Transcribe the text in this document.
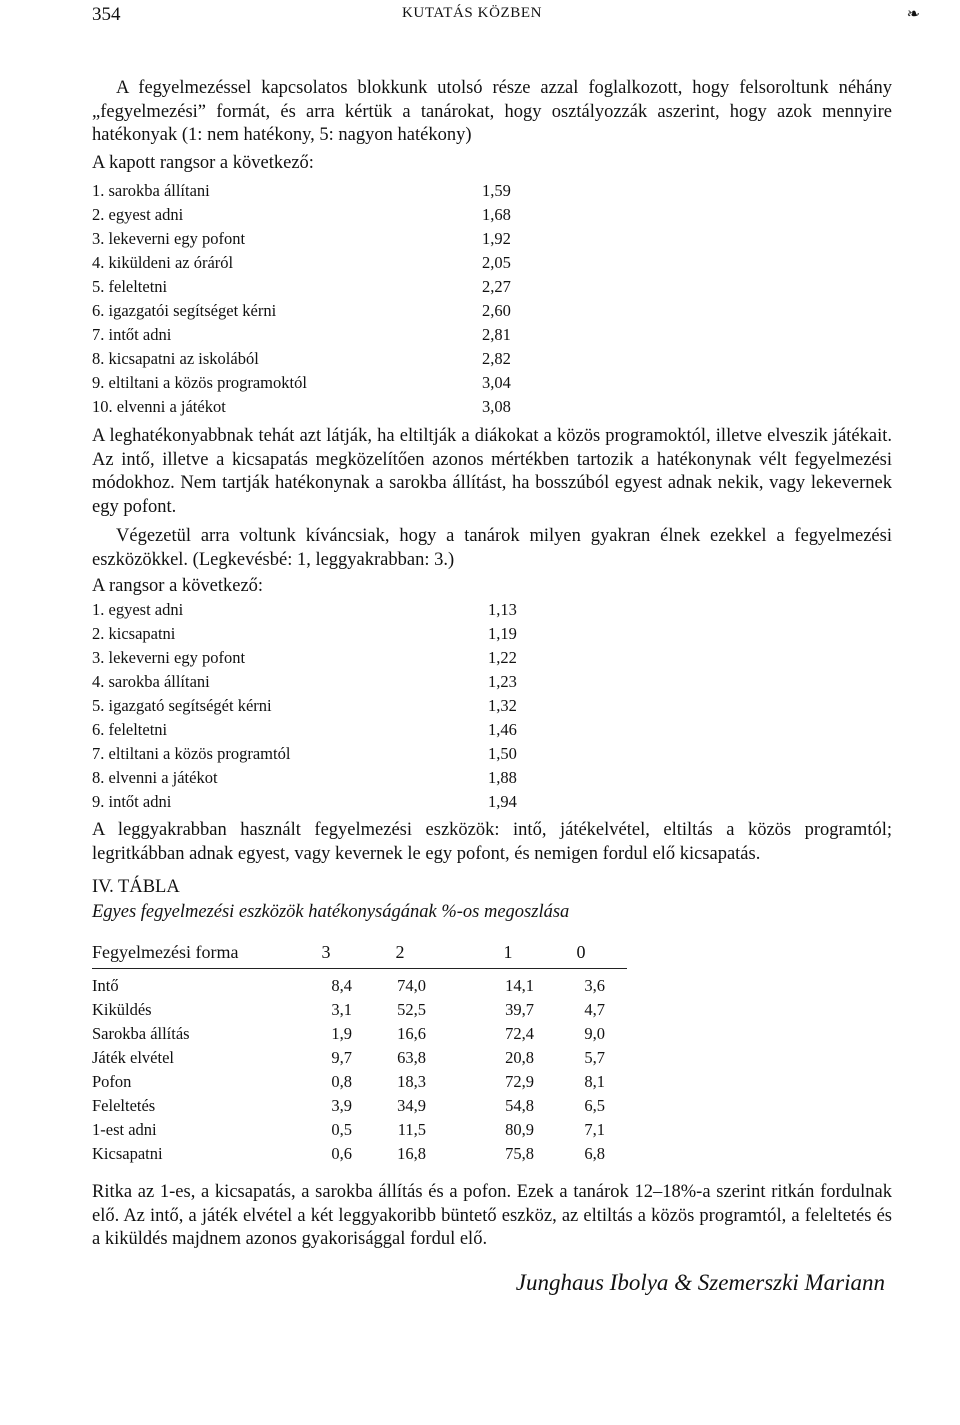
354	KUTATÁS KÖZBEN	❧

A fegyelmezéssel kapcsolatos blokkunk utolsó része azzal foglalkozott, hogy felsoroltunk néhány „fegyelmezési” formát, és arra kértük a tanárokat, hogy osztályozzák aszerint, hogy azok mennyire hatékonyak (1: nem hatékony, 5: nagyon hatékony)

A kapott rangsor a következő:

1. sarokba állítani	1,59
2. egyest adni	1,68
3. lekeverni egy pofont	1,92
4. kiküldeni az óráról	2,05
5. feleltetni	2,27
6. igazgatói segítséget kérni	2,60
7. intőt adni	2,81
8. kicsapatni az iskolából	2,82
9. eltiltani a közös programoktól	3,04
10. elvenni a játékot	3,08

A leghatékonyabbnak tehát azt látják, ha eltiltják a diákokat a közös programoktól, illetve elveszik játékait. Az intő, illetve a kicsapatás megközelítően azonos mértékben tartozik a hatékonynak vélt fegyelmezési módokhoz. Nem tartják hatékonynak a sarokba állítást, ha bosszúból egyest adnak nekik, vagy lekevernek egy pofont.

Végezetül arra voltunk kíváncsiak, hogy a tanárok milyen gyakran élnek ezekkel a fegyelmezési eszközökkel. (Legkevésbé: 1, leggyakrabban: 3.)

A rangsor a következő:

1. egyest adni	1,13
2. kicsapatni	1,19
3. lekeverni egy pofont	1,22
4. sarokba állítani	1,23
5. igazgató segítségét kérni	1,32
6. feleltetni	1,46
7. eltiltani a közös programtól	1,50
8. elvenni a játékot	1,88
9. intőt adni	1,94

A leggyakrabban használt fegyelmezési eszközök: intő, játékelvétel, eltiltás a közös programtól; legritkábban adnak egyest, vagy kevernek le egy pofont, és nemigen fordul elő kicsapatás.

IV. TÁBLA

Egyes fegyelmezési eszközök hatékonyságának %-os megoszlása

Fegyelmezési forma	3	2	1	0
Intő	8,4	74,0	14,1	3,6
Kiküldés	3,1	52,5	39,7	4,7
Sarokba állítás	1,9	16,6	72,4	9,0
Játék elvétel	9,7	63,8	20,8	5,7
Pofon	0,8	18,3	72,9	8,1
Feleltetés	3,9	34,9	54,8	6,5
1-est adni	0,5	11,5	80,9	7,1
Kicsapatni	0,6	16,8	75,8	6,8

Ritka az 1-es, a kicsapatás, a sarokba állítás és a pofon. Ezek a tanárok 12–18%-a szerint ritkán fordulnak elő. Az intő, a játék elvétel a két leggyakoribb büntető eszköz, az eltiltás a közös programtól, a feleltetés és a kiküldés majdnem azonos gyakorisággal fordul elő.

Junghaus Ibolya & Szemerszki Mariann
